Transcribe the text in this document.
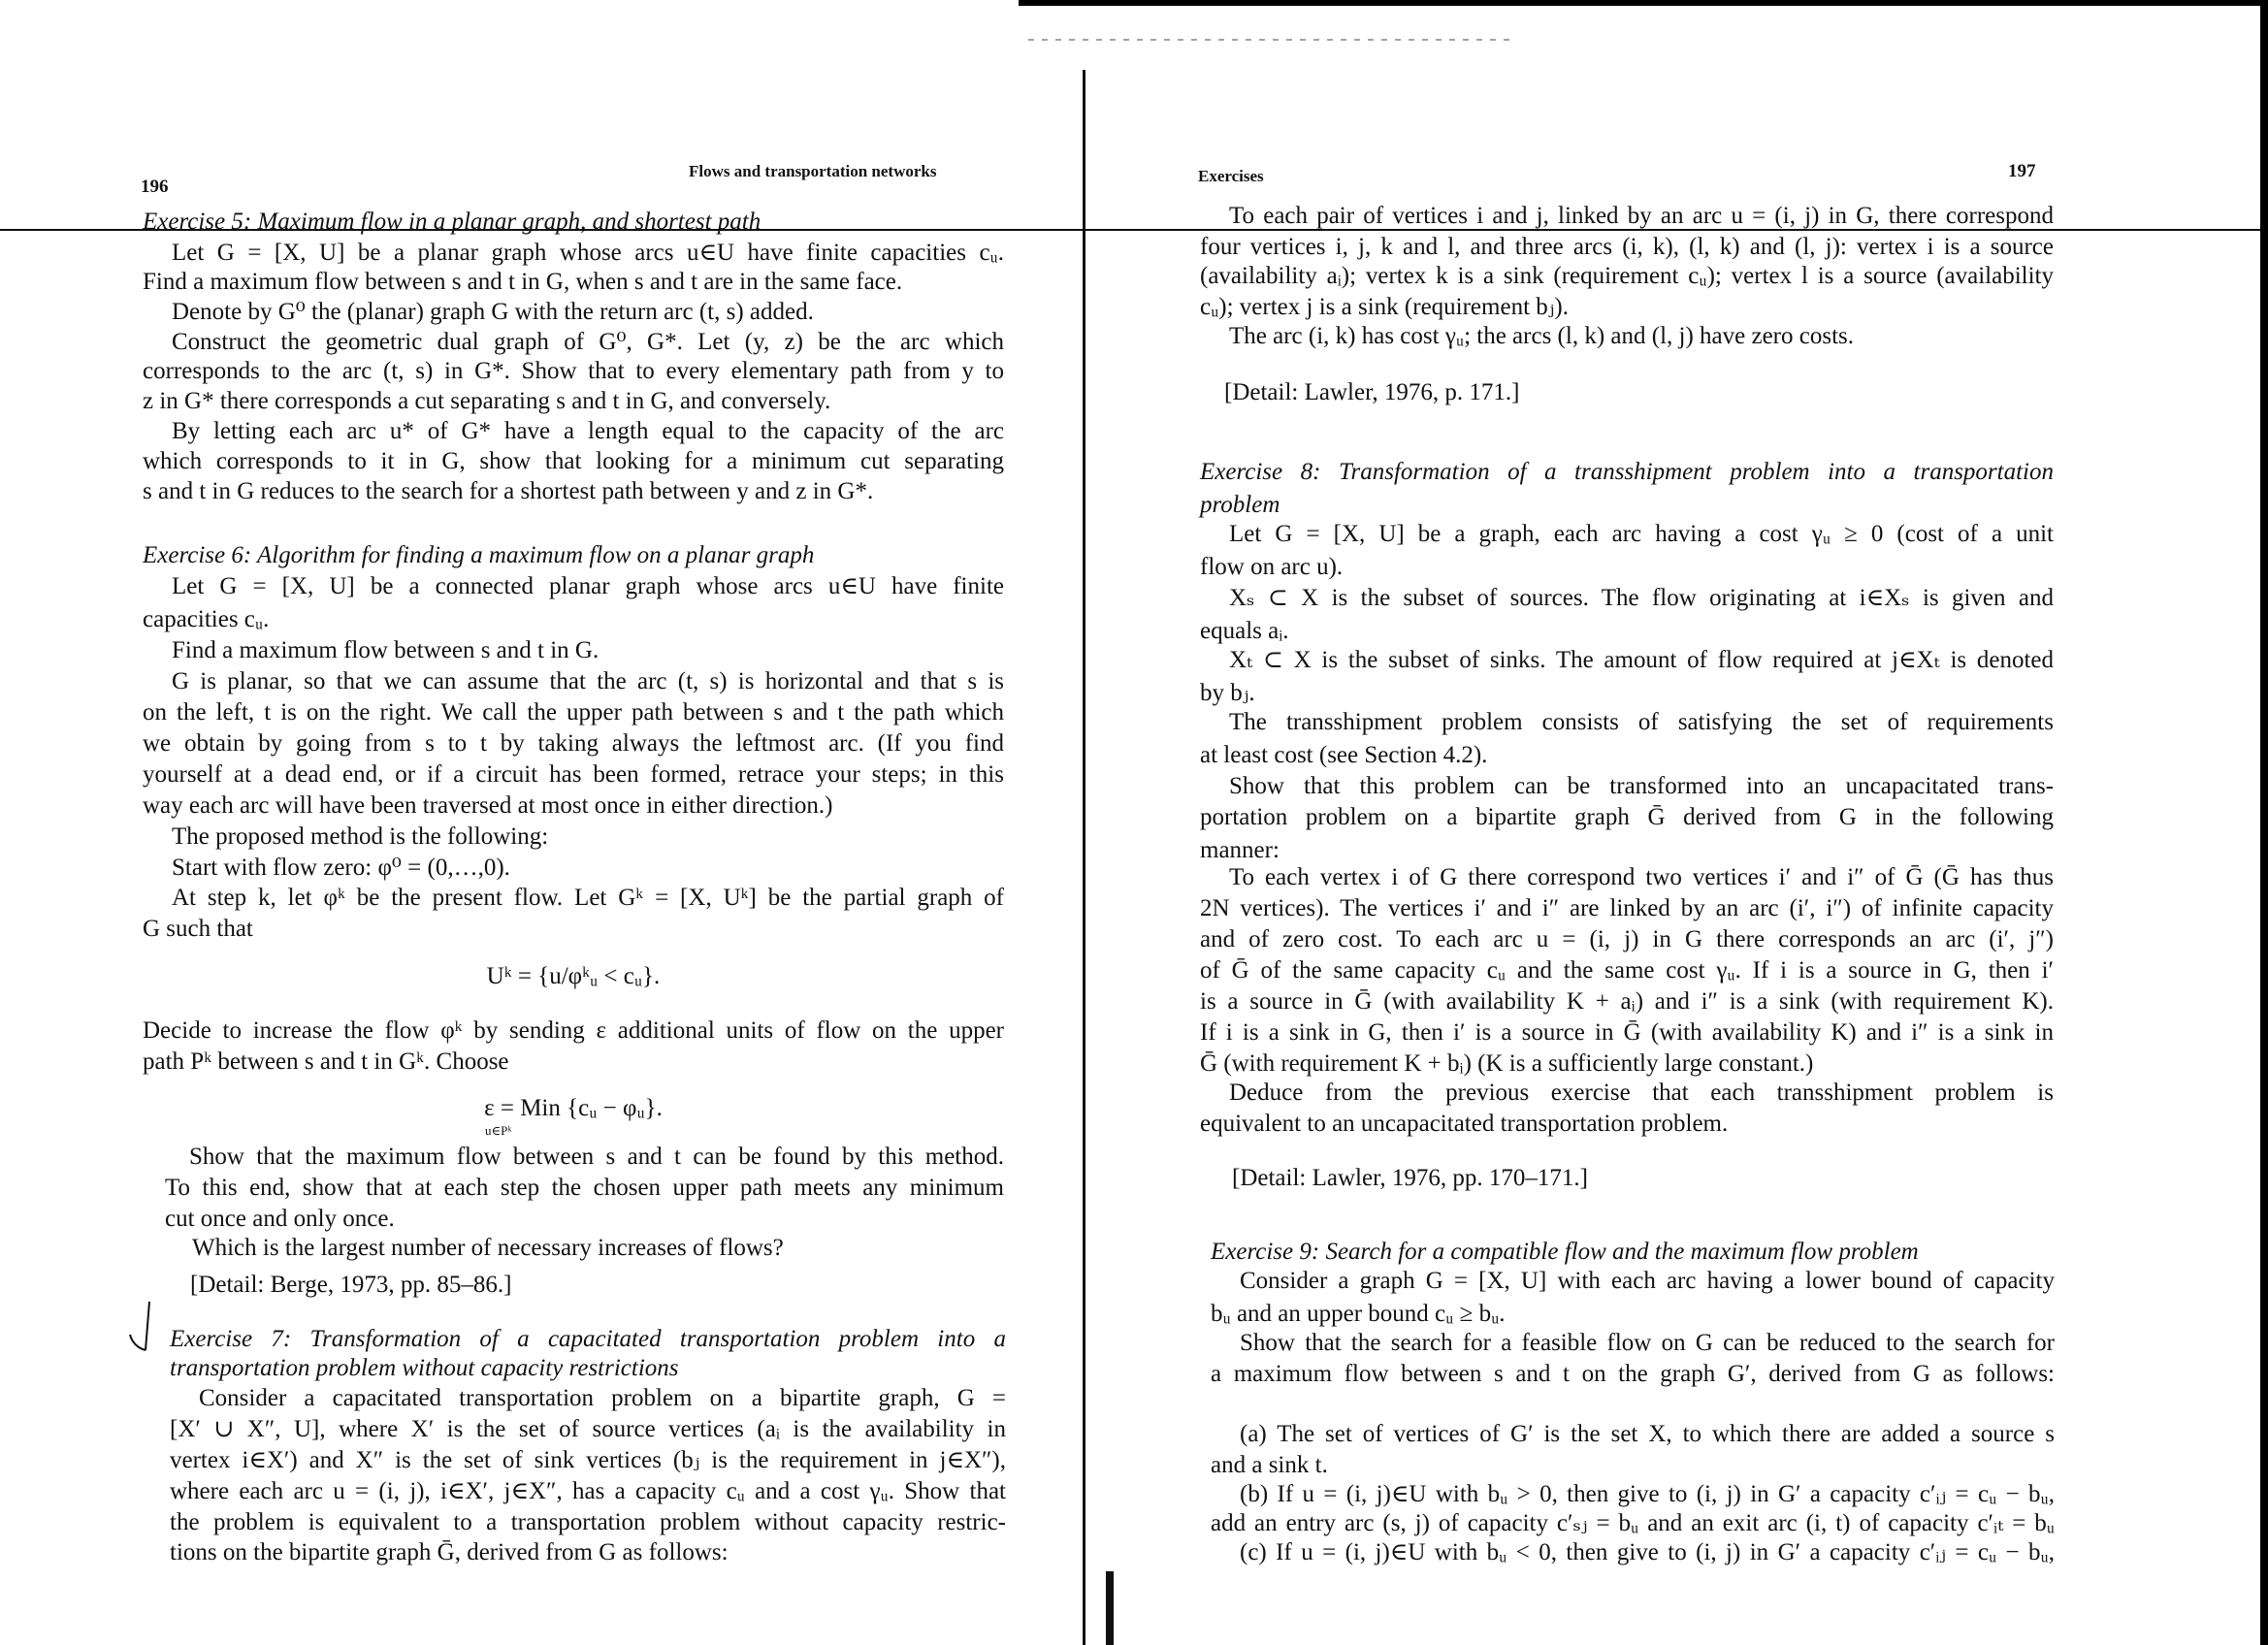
196
Flows and transportation networks
Exercise 5: Maximum flow in a planar graph, and shortest path
Let G = [X, U] be a planar graph whose arcs u∈U have finite capacities cᵤ.
Find a maximum flow between s and t in G, when s and t are in the same face.
Denote by G⁰ the (planar) graph G with the return arc (t, s) added.
Construct the geometric dual graph of G⁰, G*. Let (y, z) be the arc which
corresponds to the arc (t, s) in G*. Show that to every elementary path from y to
z in G* there corresponds a cut separating s and t in G, and conversely.
By letting each arc u* of G* have a length equal to the capacity of the arc
which corresponds to it in G, show that looking for a minimum cut separating
s and t in G reduces to the search for a shortest path between y and z in G*.
Exercise 6: Algorithm for finding a maximum flow on a planar graph
Let G = [X, U] be a connected planar graph whose arcs u∈U have finite
capacities cᵤ.
Find a maximum flow between s and t in G.
G is planar, so that we can assume that the arc (t, s) is horizontal and that s is
on the left, t is on the right. We call the upper path between s and t the path which
we obtain by going from s to t by taking always the leftmost arc. (If you find
yourself at a dead end, or if a circuit has been formed, retrace your steps; in this
way each arc will have been traversed at most once in either direction.)
The proposed method is the following:
Start with flow zero: φ⁰ = (0,…,0).
At step k, let φᵏ be the present flow. Let Gᵏ = [X, Uᵏ] be the partial graph of
G such that
Uᵏ = {u/φᵏᵤ < cᵤ}.
Decide to increase the flow φᵏ by sending ε additional units of flow on the upper
path Pᵏ between s and t in Gᵏ. Choose
ε = Min {cᵤ − φᵤ}.
u∈Pᵏ
Show that the maximum flow between s and t can be found by this method.
To this end, show that at each step the chosen upper path meets any minimum
cut once and only once.
Which is the largest number of necessary increases of flows?
[Detail: Berge, 1973, pp. 85–86.]
Exercise 7: Transformation of a capacitated transportation problem into a
transportation problem without capacity restrictions
Consider a capacitated transportation problem on a bipartite graph, G =
[X′ ∪ X″, U], where X′ is the set of source vertices (aᵢ is the availability in
vertex i∈X′) and X″ is the set of sink vertices (bⱼ is the requirement in j∈X″),
where each arc u = (i, j), i∈X′, j∈X″, has a capacity cᵤ and a cost γᵤ. Show that
the problem is equivalent to a transportation problem without capacity restric-
tions on the bipartite graph Ḡ, derived from G as follows:
Exercises	197
To each pair of vertices i and j, linked by an arc u = (i, j) in G, there correspond
four vertices i, j, k and l, and three arcs (i, k), (l, k) and (l, j): vertex i is a source
(availability aᵢ); vertex k is a sink (requirement cᵤ); vertex l is a source (availability
cᵤ); vertex j is a sink (requirement bⱼ).
The arc (i, k) has cost γᵤ; the arcs (l, k) and (l, j) have zero costs.
[Detail: Lawler, 1976, p. 171.]
Exercise 8: Transformation of a transshipment problem into a transportation
problem
Let G = [X, U] be a graph, each arc having a cost γᵤ ≥ 0 (cost of a unit
flow on arc u).
Xₛ ⊂ X is the subset of sources. The flow originating at i∈Xₛ is given and
equals aᵢ.
Xₜ ⊂ X is the subset of sinks. The amount of flow required at j∈Xₜ is denoted
by bⱼ.
The transshipment problem consists of satisfying the set of requirements
at least cost (see Section 4.2).
Show that this problem can be transformed into an uncapacitated trans-
portation problem on a bipartite graph Ḡ derived from G in the following
manner:
To each vertex i of G there correspond two vertices i′ and i″ of Ḡ (Ḡ has thus
2N vertices). The vertices i′ and i″ are linked by an arc (i′, i″) of infinite capacity
and of zero cost. To each arc u = (i, j) in G there corresponds an arc (i′, j″)
of Ḡ of the same capacity cᵤ and the same cost γᵤ. If i is a source in G, then i′
is a source in Ḡ (with availability K + aᵢ) and i″ is a sink (with requirement K).
If i is a sink in G, then i′ is a source in Ḡ (with availability K) and i″ is a sink in
Ḡ (with requirement K + bᵢ) (K is a sufficiently large constant.)
Deduce from the previous exercise that each transshipment problem is
equivalent to an uncapacitated transportation problem.
[Detail: Lawler, 1976, pp. 170–171.]
Exercise 9: Search for a compatible flow and the maximum flow problem
Consider a graph G = [X, U] with each arc having a lower bound of capacity
bᵤ and an upper bound cᵤ ≥ bᵤ.
Show that the search for a feasible flow on G can be reduced to the search for
a maximum flow between s and t on the graph G′, derived from G as follows:
(a) The set of vertices of G′ is the set X, to which there are added a source s
and a sink t.
(b) If u = (i, j)∈U with bᵤ > 0, then give to (i, j) in G′ a capacity c′ᵢⱼ = cᵤ − bᵤ,
add an entry arc (s, j) of capacity c′ₛⱼ = bᵤ and an exit arc (i, t) of capacity c′ᵢₜ = bᵤ
(c) If u = (i, j)∈U with bᵤ < 0, then give to (i, j) in G′ a capacity c′ᵢⱼ = cᵤ − bᵤ,
